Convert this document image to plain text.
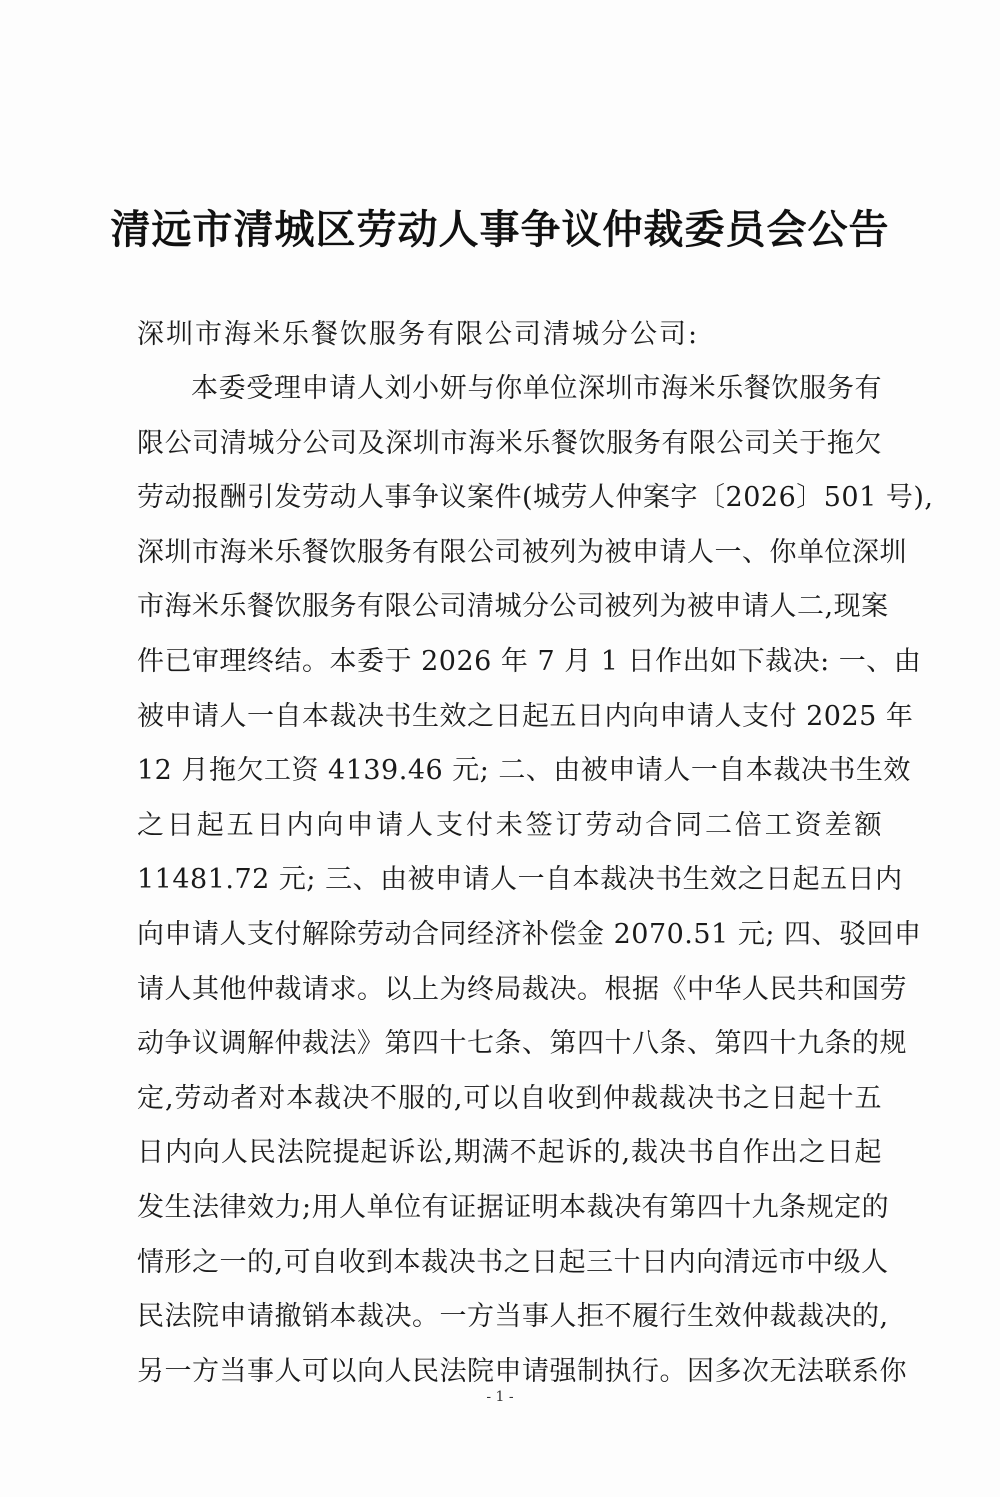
清远市清城区劳动人事争议仲裁委员会公告
深圳市海米乐餐饮服务有限公司清城分公司:
本委受理申请人刘小妍与你单位深圳市海米乐餐饮服务有
限公司清城分公司及深圳市海米乐餐饮服务有限公司关于拖欠
劳动报酬引发劳动人事争议案件(城劳人仲案字〔2026〕501 号),
深圳市海米乐餐饮服务有限公司被列为被申请人一、你单位深圳
市海米乐餐饮服务有限公司清城分公司被列为被申请人二,现案
件已审理终结。本委于 2026 年 7 月 1 日作出如下裁决: 一、由
被申请人一自本裁决书生效之日起五日内向申请人支付 2025 年
12 月拖欠工资 4139.46 元; 二、由被申请人一自本裁决书生效
之日起五日内向申请人支付未签订劳动合同二倍工资差额
11481.72 元; 三、由被申请人一自本裁决书生效之日起五日内
向申请人支付解除劳动合同经济补偿金 2070.51 元; 四、驳回申
请人其他仲裁请求。以上为终局裁决。根据《中华人民共和国劳
动争议调解仲裁法》第四十七条、第四十八条、第四十九条的规
定,劳动者对本裁决不服的,可以自收到仲裁裁决书之日起十五
日内向人民法院提起诉讼,期满不起诉的,裁决书自作出之日起
发生法律效力;用人单位有证据证明本裁决有第四十九条规定的
情形之一的,可自收到本裁决书之日起三十日内向清远市中级人
民法院申请撤销本裁决。一方当事人拒不履行生效仲裁裁决的,
另一方当事人可以向人民法院申请强制执行。因多次无法联系你
- 1 -
